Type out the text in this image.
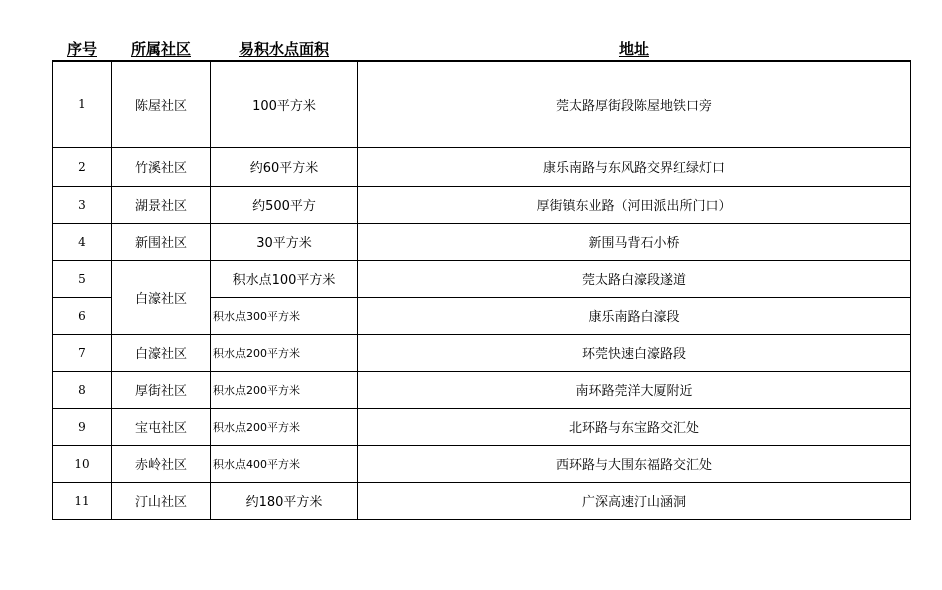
序号	所属社区	易积水点面积	地址
1	陈屋社区	100平方米	莞太路厚街段陈屋地铁口旁
2	竹溪社区	约60平方米	康乐南路与东风路交界红绿灯口
3	湖景社区	约500平方	厚街镇东业路（河田派出所门口）
4	新围社区	30平方米	新围马背石小桥
5	白濠社区	积水点100平方米	莞太路白濠段遂道
6		积水点300平方米	康乐南路白濠段
7	白濠社区	积水点200平方米	环莞快速白濠路段
8	厚街社区	积水点200平方米	南环路莞洋大厦附近
9	宝屯社区	积水点200平方米	北环路与东宝路交汇处
10	赤岭社区	积水点400平方米	西环路与大围东福路交汇处
11	汀山社区	约180平方米	广深高速汀山涵洞
